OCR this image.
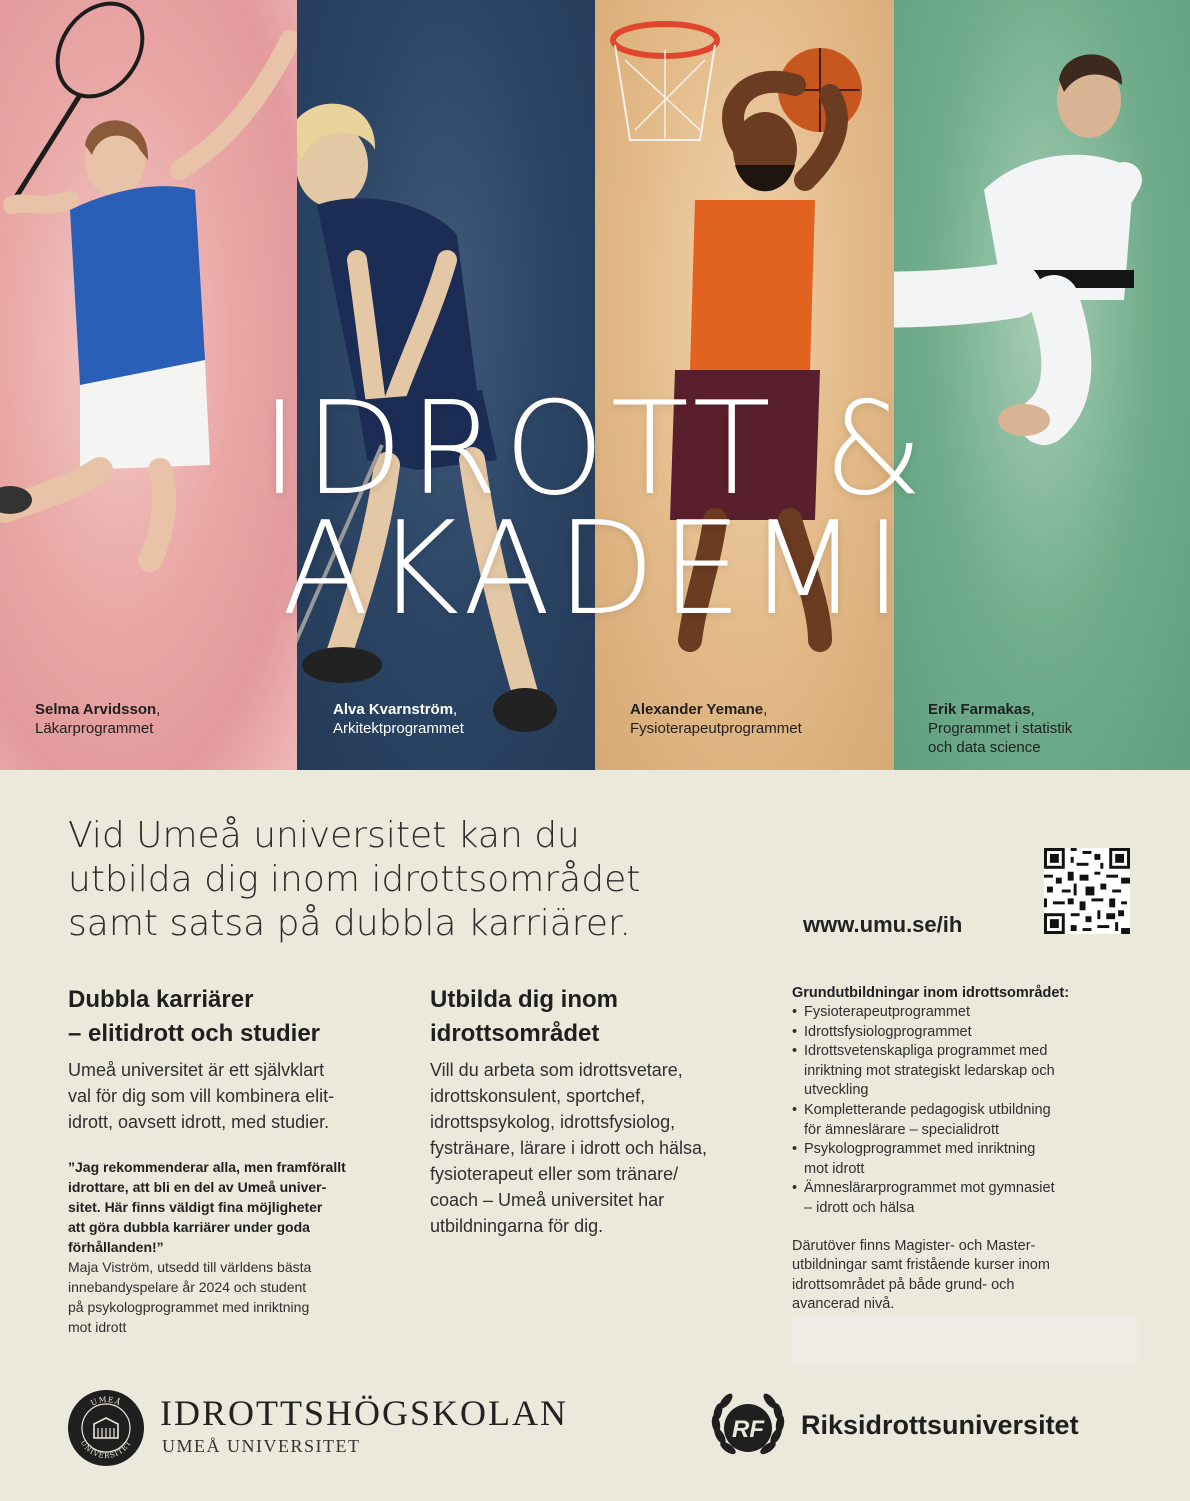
IDROTT &
AKADEMI
Selma Arvidsson,
Läkarprogrammet
Alva Kvarnström,
Arkitektprogrammet
Alexander Yemane,
Fysioterapeutprogrammet
Erik Farmakas,
Programmet i statistik
och data science
Vid Umeå universitet kan du
utbilda dig inom idrottsområdet
samt satsa på dubbla karriärer.	www.umu.se/ih
Dubbla karriärer
– elitidrott och studier
Umeå universitet är ett självklart
val för dig som vill kombinera elit-
idrott, oavsett idrott, med studier.
”Jag rekommenderar alla, men framförallt
idrottare, att bli en del av Umeå univer-
sitet. Här finns väldigt fina möjligheter
att göra dubbla karriärer under goda
förhållanden!”
Maja Viström, utsedd till världens bästa
innebandyspelare år 2024 och student
på psykologprogrammet med inriktning
mot idrott
Utbilda dig inom
idrottsområdet
Vill du arbeta som idrottsvetare,
idrottskonsulent, sportchef,
idrottspsykolog, idrottsfysiolog,
fysträнare, lärare i idrott och hälsa,
fysioterapeut eller som tränare/
coach – Umeå universitet har
utbildningarna för dig.
Grundutbildningar inom idrottsområdet:
• Fysioterapeutprogrammet
• Idrottsfysiologprogrammet
• Idrottsvetenskapliga programmet med
inriktning mot strategiskt ledarskap och
utveckling
• Kompletterande pedagogisk utbildning
för ämneslärare – specialidrott
• Psykologprogrammet med inriktning
mot idrott
• Ämneslärarprogrammet mot gymnasiet
– idrott och hälsa
Därutöver finns Magister- och Master-
utbildningar samt fristående kurser inom
idrottsområdet på både grund- och
avancerad nivå.
UMEÅ
UNIVERSITET
IDROTTSHÖGSKOLAN
UMEÅ UNIVERSITET
RF Riksidrottsuniversitet
